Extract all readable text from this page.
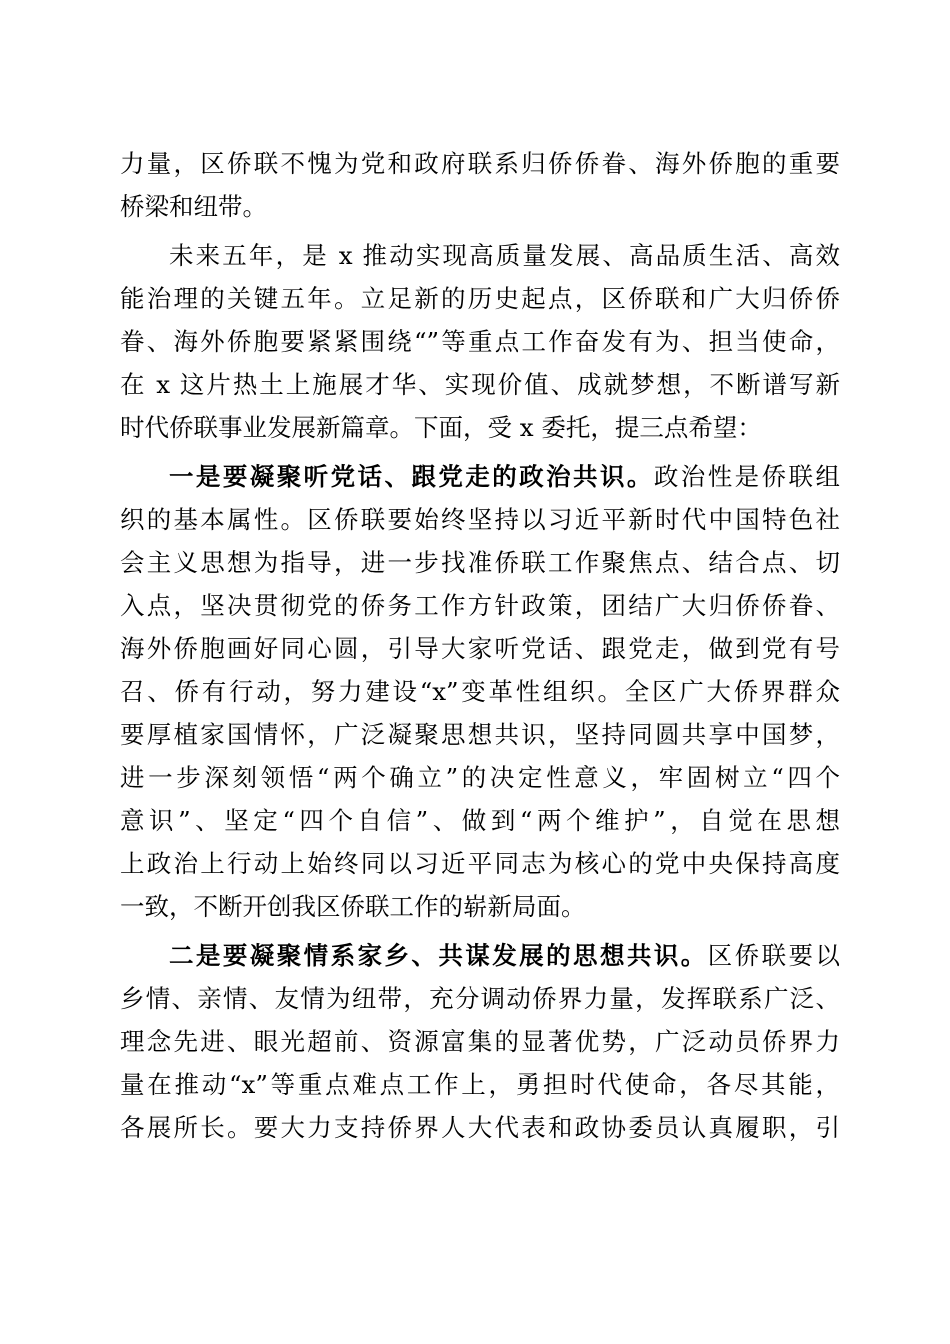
力量，区侨联不愧为党和政府联系归侨侨眷、海外侨胞的重要
桥梁和纽带。
未来五年，是 x 推动实现高质量发展、高品质生活、高效
能治理的关键五年。立足新的历史起点，区侨联和广大归侨侨
眷、海外侨胞要紧紧围绕“”等重点工作奋发有为、担当使命，
在 x 这片热土上施展才华、实现价值、成就梦想，不断谱写新
时代侨联事业发展新篇章。下面，受 x 委托，提三点希望：
一是要凝聚听党话、跟党走的政治共识。政治性是侨联组
织的基本属性。区侨联要始终坚持以习近平新时代中国特色社
会主义思想为指导，进一步找准侨联工作聚焦点、结合点、切
入点，坚决贯彻党的侨务工作方针政策，团结广大归侨侨眷、
海外侨胞画好同心圆，引导大家听党话、跟党走，做到党有号
召、侨有行动，努力建设“x”变革性组织。全区广大侨界群众
要厚植家国情怀，广泛凝聚思想共识，坚持同圆共享中国梦，
进一步深刻领悟“两个确立”的决定性意义，牢固树立“四个
意识”、坚定“四个自信”、做到“两个维护”，自觉在思想
上政治上行动上始终同以习近平同志为核心的党中央保持高度
一致，不断开创我区侨联工作的崭新局面。
二是要凝聚情系家乡、共谋发展的思想共识。区侨联要以
乡情、亲情、友情为纽带，充分调动侨界力量，发挥联系广泛、
理念先进、眼光超前、资源富集的显著优势，广泛动员侨界力
量在推动“x”等重点难点工作上，勇担时代使命，各尽其能，
各展所长。要大力支持侨界人大代表和政协委员认真履职，引
